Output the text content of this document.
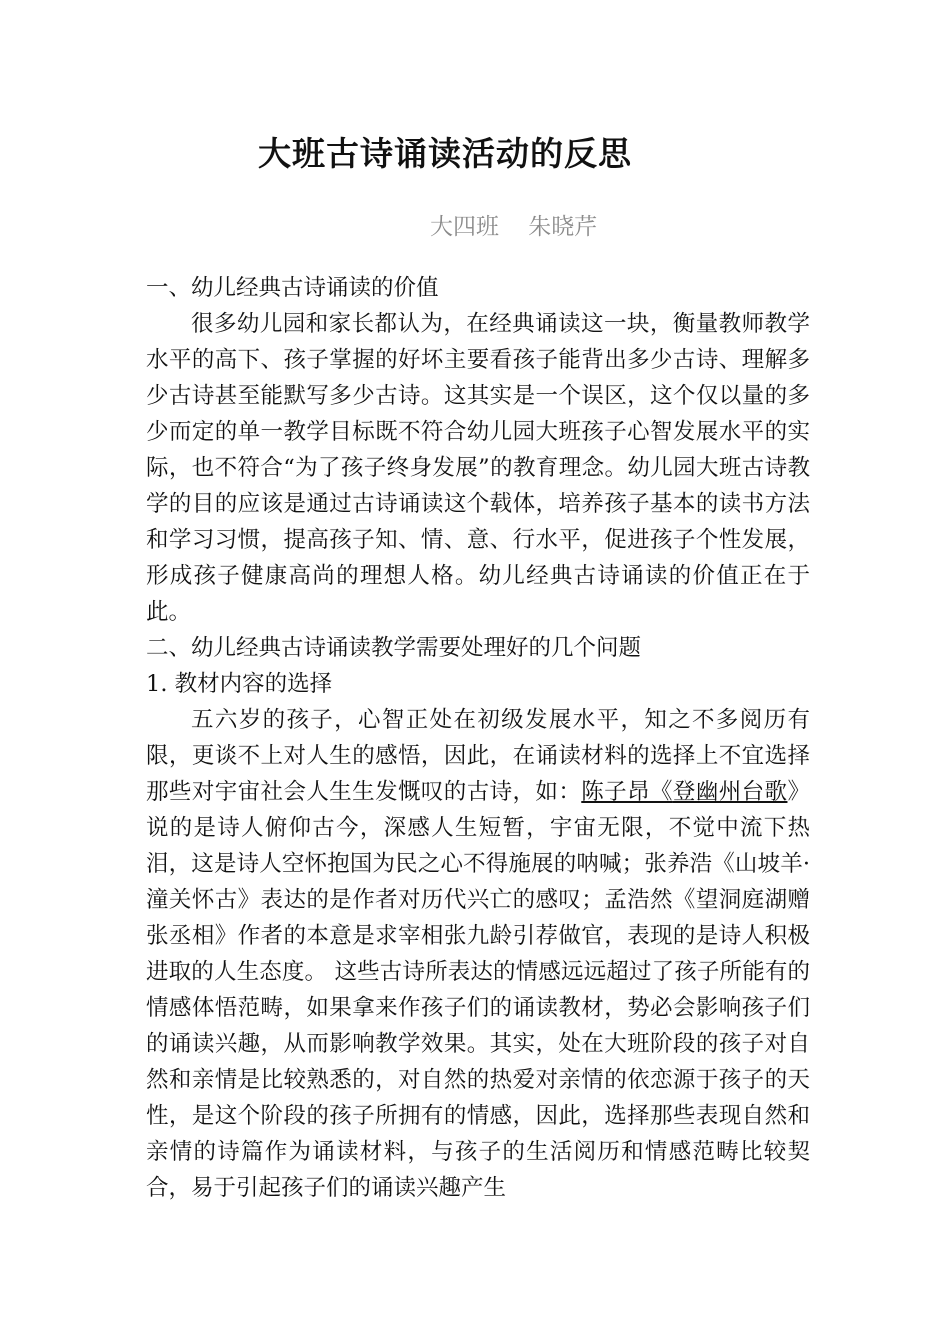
大班古诗诵读活动的反思
大四班    朱晓芹

一、幼儿经典古诗诵读的价值

很多幼儿园和家长都认为，在经典诵读这一块，衡量教师教学水平的高下、孩子掌握的好坏主要看孩子能背出多少古诗、理解多少古诗甚至能默写多少古诗。这其实是一个误区，这个仅以量的多少而定的单一教学目标既不符合幼儿园大班孩子心智发展水平的实际，也不符合“为了孩子终身发展”的教育理念。幼儿园大班古诗教学的目的应该是通过古诗诵读这个载体，培养孩子基本的读书方法和学习习惯，提高孩子知、情、意、行水平，促进孩子个性发展，形成孩子健康高尚的理想人格。幼儿经典古诗诵读的价值正在于此。

二、幼儿经典古诗诵读教学需要处理好的几个问题

1. 教材内容的选择

五六岁的孩子，心智正处在初级发展水平，知之不多阅历有限，更谈不上对人生的感悟，因此，在诵读材料的选择上不宜选择那些对宇宙社会人生生发慨叹的古诗，如：陈子昂《登幽州台歌》说的是诗人俯仰古今，深感人生短暂，宇宙无限，不觉中流下热泪，这是诗人空怀抱国为民之心不得施展的呐喊；张养浩《山坡羊·潼关怀古》表达的是作者对历代兴亡的感叹；孟浩然《望洞庭湖赠张丞相》作者的本意是求宰相张九龄引荐做官，表现的是诗人积极进取的人生态度。 这些古诗所表达的情感远远超过了孩子所能有的情感体悟范畴，如果拿来作孩子们的诵读教材，势必会影响孩子们的诵读兴趣，从而影响教学效果。其实，处在大班阶段的孩子对自然和亲情是比较熟悉的，对自然的热爱对亲情的依恋源于孩子的天性，是这个阶段的孩子所拥有的情感，因此，选择那些表现自然和亲情的诗篇作为诵读材料，与孩子的生活阅历和情感范畴比较契合，易于引起孩子们的诵读兴趣产生
